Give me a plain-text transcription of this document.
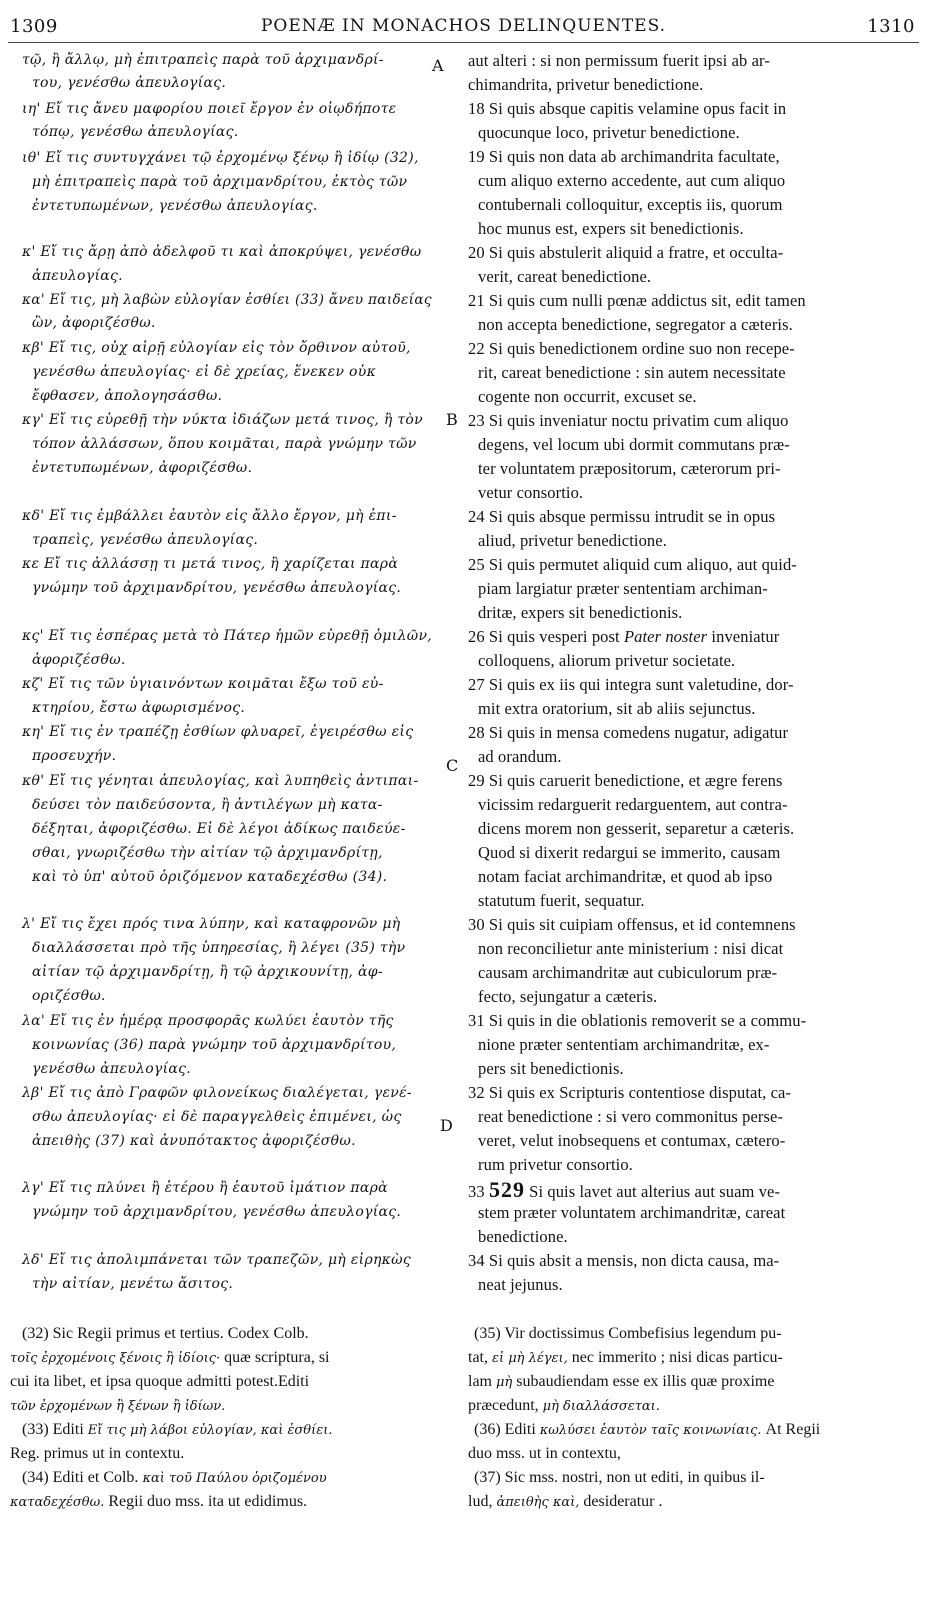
1309	POENÆ IN MONACHOS DELINQUENTES.	1310
A
B
C
D
τῷ, ἢ ἄλλῳ, μὴ ἐπιτραπεὶς παρὰ τοῦ ἀρχιμανδρί-
του, γενέσθω ἀπευλογίας.
ιη' Εἴ τις ἄνευ μαφορίου ποιεῖ ἔργον ἐν οἱῳδήποτε
τόπῳ, γενέσθω ἀπευλογίας.
ιθ' Εἴ τις συντυγχάνει τῷ ἐρχομένῳ ξένῳ ἢ ἰδίῳ (32),
μὴ ἐπιτραπεὶς παρὰ τοῦ ἀρχιμανδρίτου, ἐκτὸς τῶν
ἐντετυπωμένων, γενέσθω ἀπευλογίας.
κ' Εἴ τις ἄρῃ ἀπὸ ἀδελφοῦ τι καὶ ἀποκρύψει, γενέσθω
ἀπευλογίας.
κα' Εἴ τις, μὴ λαβὼν εὐλογίαν ἐσθίει (33) ἄνευ παιδείας
ὢν, ἀφοριζέσθω.
κβ' Εἴ τις, οὐχ αἱρῇ εὐλογίαν εἰς τὸν ὄρθινον αὐτοῦ,
γενέσθω ἀπευλογίας· εἰ δὲ χρείας, ἕνεκεν οὐκ
ἔφθασεν, ἀπολογησάσθω.
κγ' Εἴ τις εὑρεθῇ τὴν νύκτα ἰδιάζων μετά τινος, ἢ τὸν
τόπον ἀλλάσσων, ὅπου κοιμᾶται, παρὰ γνώμην τῶν
ἐντετυπωμένων, ἀφοριζέσθω.
κδ' Εἴ τις ἐμβάλλει ἑαυτὸν εἰς ἄλλο ἔργον, μὴ ἐπι-
τραπεὶς, γενέσθω ἀπευλογίας.
κε Εἴ τις ἀλλάσσῃ τι μετά τινος, ἢ χαρίζεται παρὰ
γνώμην τοῦ ἀρχιμανδρίτου, γενέσθω ἀπευλογίας.
κς' Εἴ τις ἑσπέρας μετὰ τὸ Πάτερ ἡμῶν εὑρεθῇ ὁμιλῶν,
ἀφοριζέσθω.
κζ' Εἴ τις τῶν ὑγιαινόντων κοιμᾶται ἔξω τοῦ εὐ-
κτηρίου, ἔστω ἀφωρισμένος.
κη' Εἴ τις ἐν τραπέζῃ ἐσθίων φλυαρεῖ, ἐγειρέσθω εἰς
προσευχήν.
κθ' Εἴ τις γένηται ἀπευλογίας, καὶ λυπηθεὶς ἀντιπαι-
δεύσει τὸν παιδεύσοντα, ἢ ἀντιλέγων μὴ κατα-
δέξηται, ἀφοριζέσθω. Εἰ δὲ λέγοι ἀδίκως παιδεύε-
σθαι, γνωριζέσθω τὴν αἰτίαν τῷ ἀρχιμανδρίτῃ,
καὶ τὸ ὑπ' αὐτοῦ ὁριζόμενον καταδεχέσθω (34).
λ' Εἴ τις ἔχει πρός τινα λύπην, καὶ καταφρονῶν μὴ
διαλλάσσεται πρὸ τῆς ὑπηρεσίας, ἢ λέγει (35) τὴν
αἰτίαν τῷ ἀρχιμανδρίτῃ, ἢ τῷ ἀρχικουνίτῃ, ἀφ-
οριζέσθω.
λα' Εἴ τις ἐν ἡμέρᾳ προσφορᾶς κωλύει ἑαυτὸν τῆς
κοινωνίας (36) παρὰ γνώμην τοῦ ἀρχιμανδρίτου,
γενέσθω ἀπευλογίας.
λβ' Εἴ τις ἀπὸ Γραφῶν φιλονείκως διαλέγεται, γενέ-
σθω ἀπευλογίας· εἰ δὲ παραγγελθεὶς ἐπιμένει, ὡς
ἀπειθὴς (37) καὶ ἀνυπότακτος ἀφοριζέσθω.
λγ' Εἴ τις πλύνει ἢ ἑτέρου ἢ ἑαυτοῦ ἱμάτιον παρὰ
γνώμην τοῦ ἀρχιμανδρίτου, γενέσθω ἀπευλογίας.
λδ' Εἴ τις ἀπολιμπάνεται τῶν τραπεζῶν, μὴ εἰρηκὼς
τὴν αἰτίαν, μενέτω ἄσιτος.
aut alteri : si non permissum fuerit ipsi ab ar-
chimandrita, privetur benedictione.
18 Si quis absque capitis velamine opus facit in
quocunque loco, privetur benedictione.
19 Si quis non data ab archimandrita facultate,
cum aliquo externo accedente, aut cum aliquo
contubernali colloquitur, exceptis iis, quorum
hoc munus est, expers sit benedictionis.
20 Si quis abstulerit aliquid a fratre, et occulta-
verit, careat benedictione.
21 Si quis cum nulli pœnæ addictus sit, edit tamen
non accepta benedictione, segregator a cæteris.
22 Si quis benedictionem ordine suo non recepe-
rit, careat benedictione : sin autem necessitate
cogente non occurrit, excuset se.
23 Si quis inveniatur noctu privatim cum aliquo
degens, vel locum ubi dormit commutans præ-
ter voluntatem præpositorum, cæterorum pri-
vetur consortio.
24 Si quis absque permissu intrudit se in opus
aliud, privetur benedictione.
25 Si quis permutet aliquid cum aliquo, aut quid-
piam largiatur præter sententiam archiman-
dritæ, expers sit benedictionis.
26 Si quis vesperi post Pater noster inveniatur
colloquens, aliorum privetur societate.
27 Si quis ex iis qui integra sunt valetudine, dor-
mit extra oratorium, sit ab aliis sejunctus.
28 Si quis in mensa comedens nugatur, adigatur
ad orandum.
29 Si quis caruerit benedictione, et ægre ferens
vicissim redarguerit redarguentem, aut contra-
dicens morem non gesserit, separetur a cæteris.
Quod si dixerit redargui se immerito, causam
notam faciat archimandritæ, et quod ab ipso
statutum fuerit, sequatur.
30 Si quis sit cuipiam offensus, et id contemnens
non reconcilietur ante ministerium : nisi dicat
causam archimandritæ aut cubiculorum præ-
fecto, sejungatur a cæteris.
31 Si quis in die oblationis removerit se a commu-
nione præter sententiam archimandritæ, ex-
pers sit benedictionis.
32 Si quis ex Scripturis contentiose disputat, ca-
reat benedictione : si vero commonitus perse-
veret, velut inobsequens et contumax, cætero-
rum privetur consortio.
33 529 Si quis lavet aut alterius aut suam ve-
stem præter voluntatem archimandritæ, careat
benedictione.
34 Si quis absit a mensis, non dicta causa, ma-
neat jejunus.
(32) Sic Regii primus et tertius. Codex Colb.
τοῖς ἐρχομένοις ξένοις ἢ ἰδίοις· quæ scriptura, si
cui ita libet, et ipsa quoque admitti potest.Editi
τῶν ἐρχομένων ἢ ξένων ἢ ἰδίων.
(33) Editi Εἴ τις μὴ λάβοι εὐλογίαν, καὶ ἐσθίει.
Reg. primus ut in contextu.
(34) Editi et Colb. καὶ τοῦ Παύλου ὁριζομένου
καταδεχέσθω. Regii duo mss. ita ut edidimus.
(35) Vir doctissimus Combefisius legendum pu-
tat, εἰ μὴ λέγει, nec immerito ; nisi dicas particu-
lam μὴ subaudiendam esse ex illis quæ proxime
præcedunt, μὴ διαλλάσσεται.
(36) Editi κωλύσει ἑαυτὸν ταῖς κοινωνίαις. At Regii
duo mss. ut in contextu,
(37) Sic mss. nostri, non ut editi, in quibus il-
lud, ἀπειθὴς καὶ, desideratur .
